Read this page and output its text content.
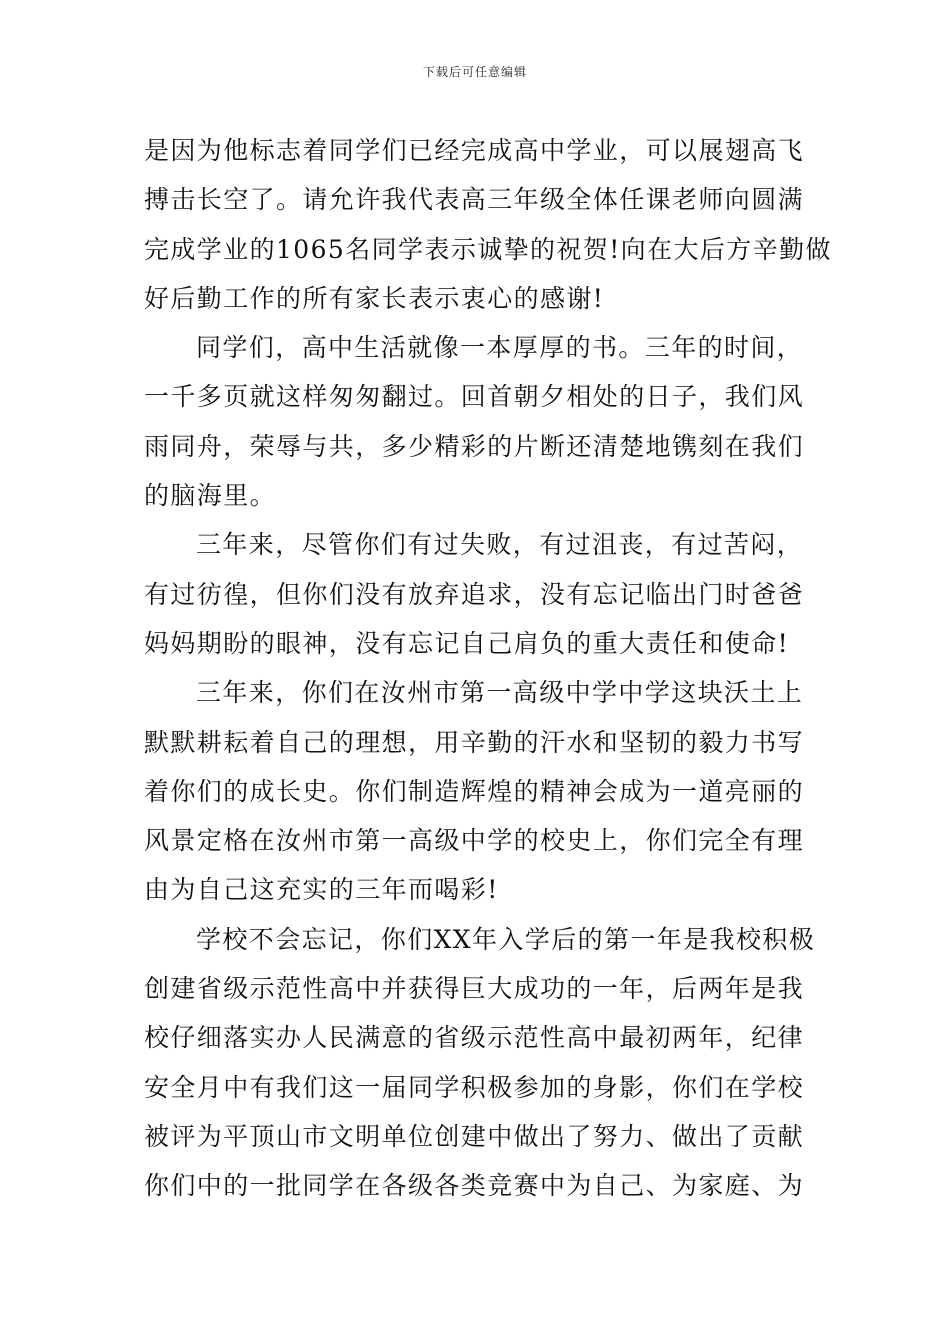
下载后可任意编辑
是因为他标志着同学们已经完成高中学业，可以展翅高飞
搏击长空了。请允许我代表高三年级全体任课老师向圆满
完成学业的1065名同学表示诚挚的祝贺!向在大后方辛勤做
好后勤工作的所有家长表示衷心的感谢!
同学们，高中生活就像一本厚厚的书。三年的时间，
一千多页就这样匆匆翻过。回首朝夕相处的日子，我们风
雨同舟，荣辱与共，多少精彩的片断还清楚地镌刻在我们
的脑海里。
三年来，尽管你们有过失败，有过沮丧，有过苦闷，
有过彷徨，但你们没有放弃追求，没有忘记临出门时爸爸
妈妈期盼的眼神，没有忘记自己肩负的重大责任和使命!
三年来，你们在汝州市第一高级中学中学这块沃土上
默默耕耘着自己的理想，用辛勤的汗水和坚韧的毅力书写
着你们的成长史。你们制造辉煌的精神会成为一道亮丽的
风景定格在汝州市第一高级中学的校史上，你们完全有理
由为自己这充实的三年而喝彩!
学校不会忘记，你们XX年入学后的第一年是我校积极
创建省级示范性高中并获得巨大成功的一年，后两年是我
校仔细落实办人民满意的省级示范性高中最初两年，纪律
安全月中有我们这一届同学积极参加的身影，你们在学校
被评为平顶山市文明单位创建中做出了努力、做出了贡献
你们中的一批同学在各级各类竞赛中为自己、为家庭、为
